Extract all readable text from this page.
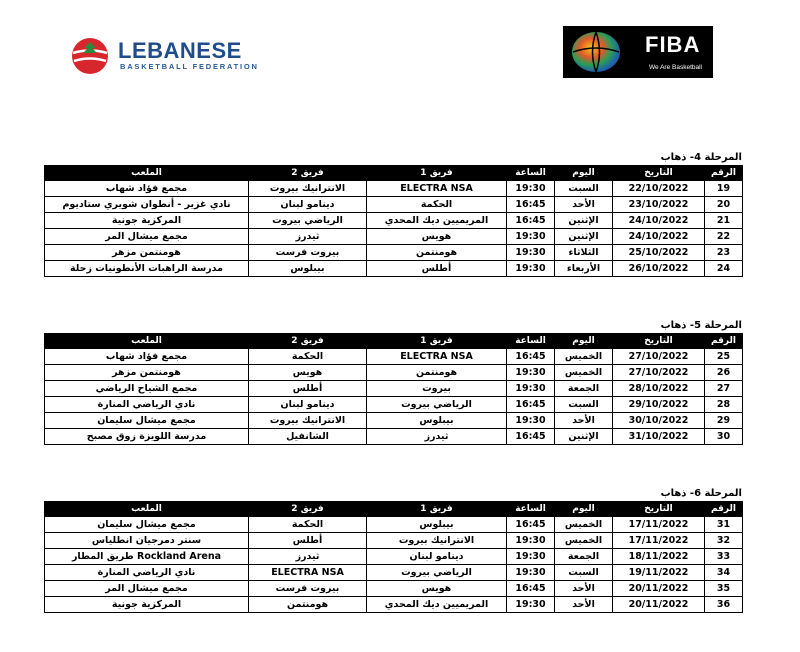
LEBANESE
BASKETBALL FEDERATION
FIBA
We Are Basketball
المرحلة 4- ذهاب
الرقم	التاريخ	اليوم	الساعة	فريق 1	فريق 2	الملعب
19	22/10/2022	السبت	19:30	ELECTRA NSA	الانترانيك بيروت	مجمع فؤاد شهاب
20	23/10/2022	الأحد	16:45	الحكمة	دينامو لبنان	نادي غزير - أنطوان شويري ستاديوم
21	24/10/2022	الإثنين	16:45	المريميين ديك المحدي	الرياضي بيروت	المركزية جونية
22	24/10/2022	الإثنين	19:30	هويس	ثيدرز	مجمع ميشال المر
23	25/10/2022	الثلاثاء	19:30	هومنتمن	بيروت فرست	هومنتمن مزهر
24	26/10/2022	الأربعاء	19:30	أطلس	بيبلوس	مدرسة الراهبات الأنطونيات زحلة
المرحلة 5- ذهاب
الرقم	التاريخ	اليوم	الساعة	فريق 1	فريق 2	الملعب
25	27/10/2022	الخميس	16:45	ELECTRA NSA	الحكمة	مجمع فؤاد شهاب
26	27/10/2022	الخميس	19:30	هومنتمن	هويس	هومنتمن مزهر
27	28/10/2022	الجمعة	19:30	بيروت	أطلس	مجمع الشياح الرياضي
28	29/10/2022	السبت	16:45	الرياضي بيروت	دينامو لبنان	نادي الرياضي المنارة
29	30/10/2022	الأحد	19:30	بيبلوس	الانترانيك بيروت	مجمع ميشال سليمان
30	31/10/2022	الإثنين	16:45	ثيدرز	الشانفيل	مدرسة اللويزة زوق مصبح
المرحلة 6- ذهاب
الرقم	التاريخ	اليوم	الساعة	فريق 1	فريق 2	الملعب
31	17/11/2022	الخميس	16:45	بيبلوس	الحكمة	مجمع ميشال سليمان
32	17/11/2022	الخميس	19:30	الانترانيك بيروت	أطلس	سنتر دمرجيان انطلياس
33	18/11/2022	الجمعة	19:30	دينامو لبنان	ثيدرز	Rockland Arena طريق المطار
34	19/11/2022	السبت	19:30	الرياضي بيروت	ELECTRA NSA	نادي الرياضي المنارة
35	20/11/2022	الأحد	16:45	هويس	بيروت فرست	مجمع ميشال المر
36	20/11/2022	الأحد	19:30	المريميين ديك المحدي	هومنتمن	المركزية جونية
